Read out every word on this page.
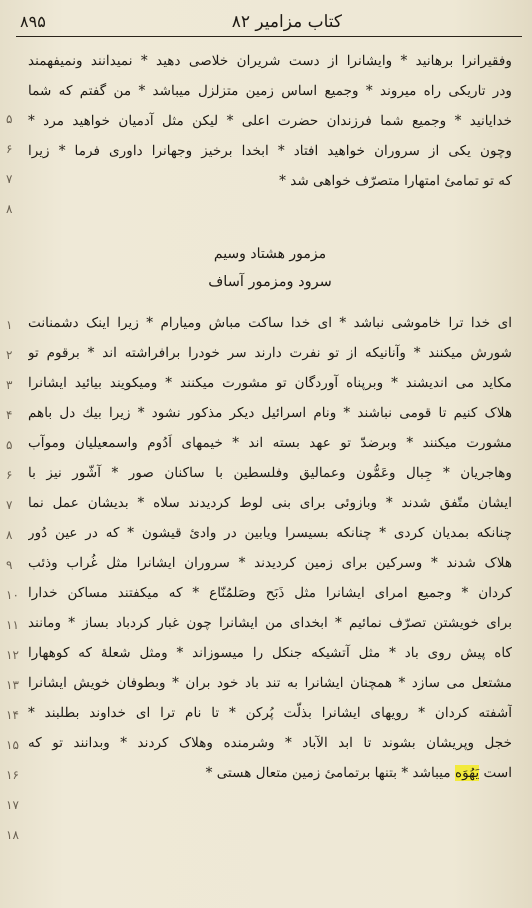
۸۹۵	کتاب مزامیر ۸۲
وفقیرانرا برهانید * وایشانرا از دست شریران خلاصی دهید * نمیدانند ونمیفهمند
ودر تاریکی راه میروند * وجمیع اساس زمین متزلزل میباشد * من گفتم که شما
خدایانید * وجمیع شما فرزندان حضرت اعلی * لیکن مثل آدمیان خواهید مرد *
وچون یکی از سروران خواهید افتاد * ابخدا برخیز وجهانرا داوری فرما * زیرا
که تو تمامیٔ امتهارا متصرّف خواهی شد *
مزمور هشتاد وسیم
سرود ومزمور آساف
ای خدا ترا خاموشی نباشد * ای خدا ساکت مباش ومیارام * زیرا اینک دشمنانت
شورش میکنند * وآنانیکه از تو نفرت دارند سر خودرا برافراشته اند * برقوم تو
مکاید می اندیشند * وبرپناه آوردگان تو مشورت میکنند * ومیکویند بیائید ایشانرا
هلاک کنیم تا قومی نباشند * ونام اسرائیل دیکر مذکور نشود * زیرا بیك دل باهم
مشورت میکنند * وبرضدّ تو عهد بسته اند * خیمهای اَدُوم واسمعیلیان وموآب
وهاجریان * جِبال وعَمُّون وعمالیق وفلسطین با ساکنان صور * آشّور نیز با
ایشان متّفق شدند * وبازوئی برای بنی لوط کردیدند سلاه * بدیشان عمل نما
چنانکه بمدیان کردی * چنانکه بسیسرا ویابین در وادیٔ قیشون * که در عین دُور
هلاک شدند * وسرکین برای زمین کردیدند * سروران ایشانرا مثل غُراب وذئب
کردان * وجمیع امرای ایشانرا مثل ذَبَح وصَلمُنّاع * که میکفتند مساکن خدارا
برای خویشتن تصرّف نمائیم * ابخدای من ایشانرا چون غبار کردباد بساز * ومانند
کاه پیش روی باد * مثل آتشیکه جنکل را میسوزاند * ومثل شعلهٔ که کوههارا
مشتعل می سازد * همچنان ایشانرا به تند باد خود بران * وبطوفان خویش ایشانرا
آشفته کردان * رویهای ایشانرا بذلّت پُرکن * تا نام ترا ای خداوند بطلبند *
خجل وپریشان بشوند تا ابد الآباد * وشرمنده وهلاک کردند * وبدانند تو که
است یَهُوَه میباشد * بتنها برتمامیٔ زمین متعال هستی *
۵
۶
۷
۸
۱
۲
۳
۴
۵
۶
۷
۸
۹
۱۰
۱۱
۱۲
۱۳
۱۴
۱۵
۱۶
۱۷
۱۸
